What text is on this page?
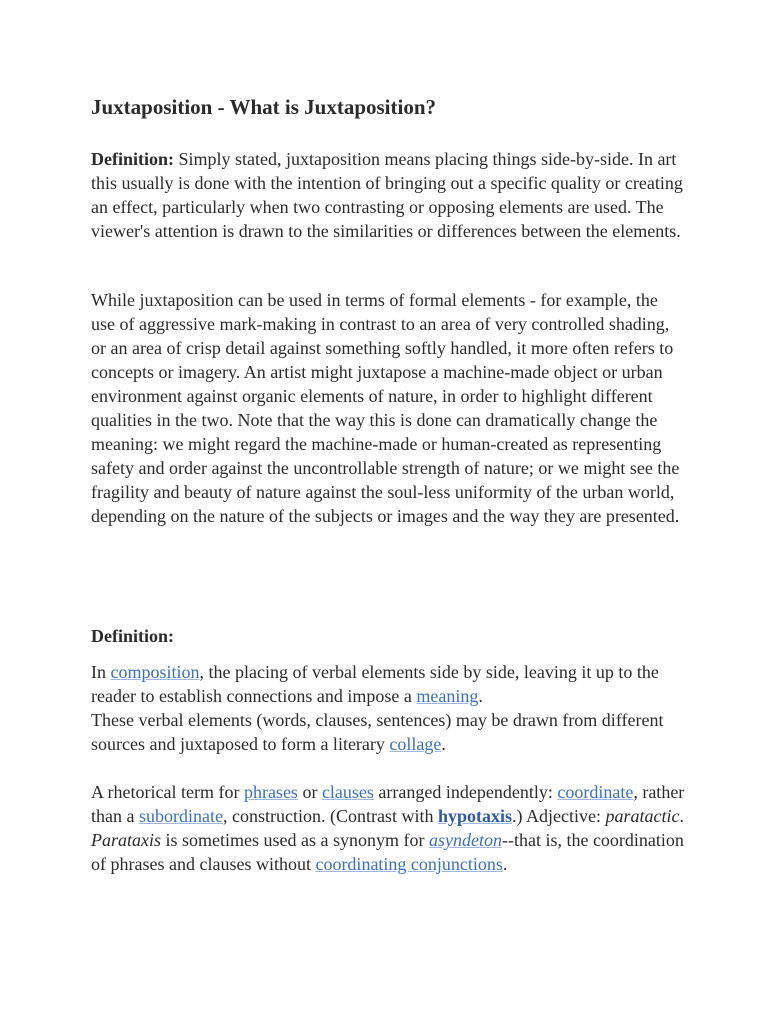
Juxtaposition - What is Juxtaposition?

Definition: Simply stated, juxtaposition means placing things side-by-side. In art this usually is done with the intention of bringing out a specific quality or creating an effect, particularly when two contrasting or opposing elements are used. The viewer's attention is drawn to the similarities or differences between the elements.

While juxtaposition can be used in terms of formal elements - for example, the use of aggressive mark-making in contrast to an area of very controlled shading, or an area of crisp detail against something softly handled, it more often refers to concepts or imagery. An artist might juxtapose a machine-made object or urban environment against organic elements of nature, in order to highlight different qualities in the two. Note that the way this is done can dramatically change the meaning: we might regard the machine-made or human-created as representing safety and order against the uncontrollable strength of nature; or we might see the fragility and beauty of nature against the soul-less uniformity of the urban world, depending on the nature of the subjects or images and the way they are presented.

Definition:

In composition, the placing of verbal elements side by side, leaving it up to the reader to establish connections and impose a meaning.
These verbal elements (words, clauses, sentences) may be drawn from different sources and juxtaposed to form a literary collage.

A rhetorical term for phrases or clauses arranged independently: coordinate, rather than a subordinate, construction. (Contrast with hypotaxis.) Adjective: paratactic.
Parataxis is sometimes used as a synonym for asyndeton--that is, the coordination of phrases and clauses without coordinating conjunctions.
